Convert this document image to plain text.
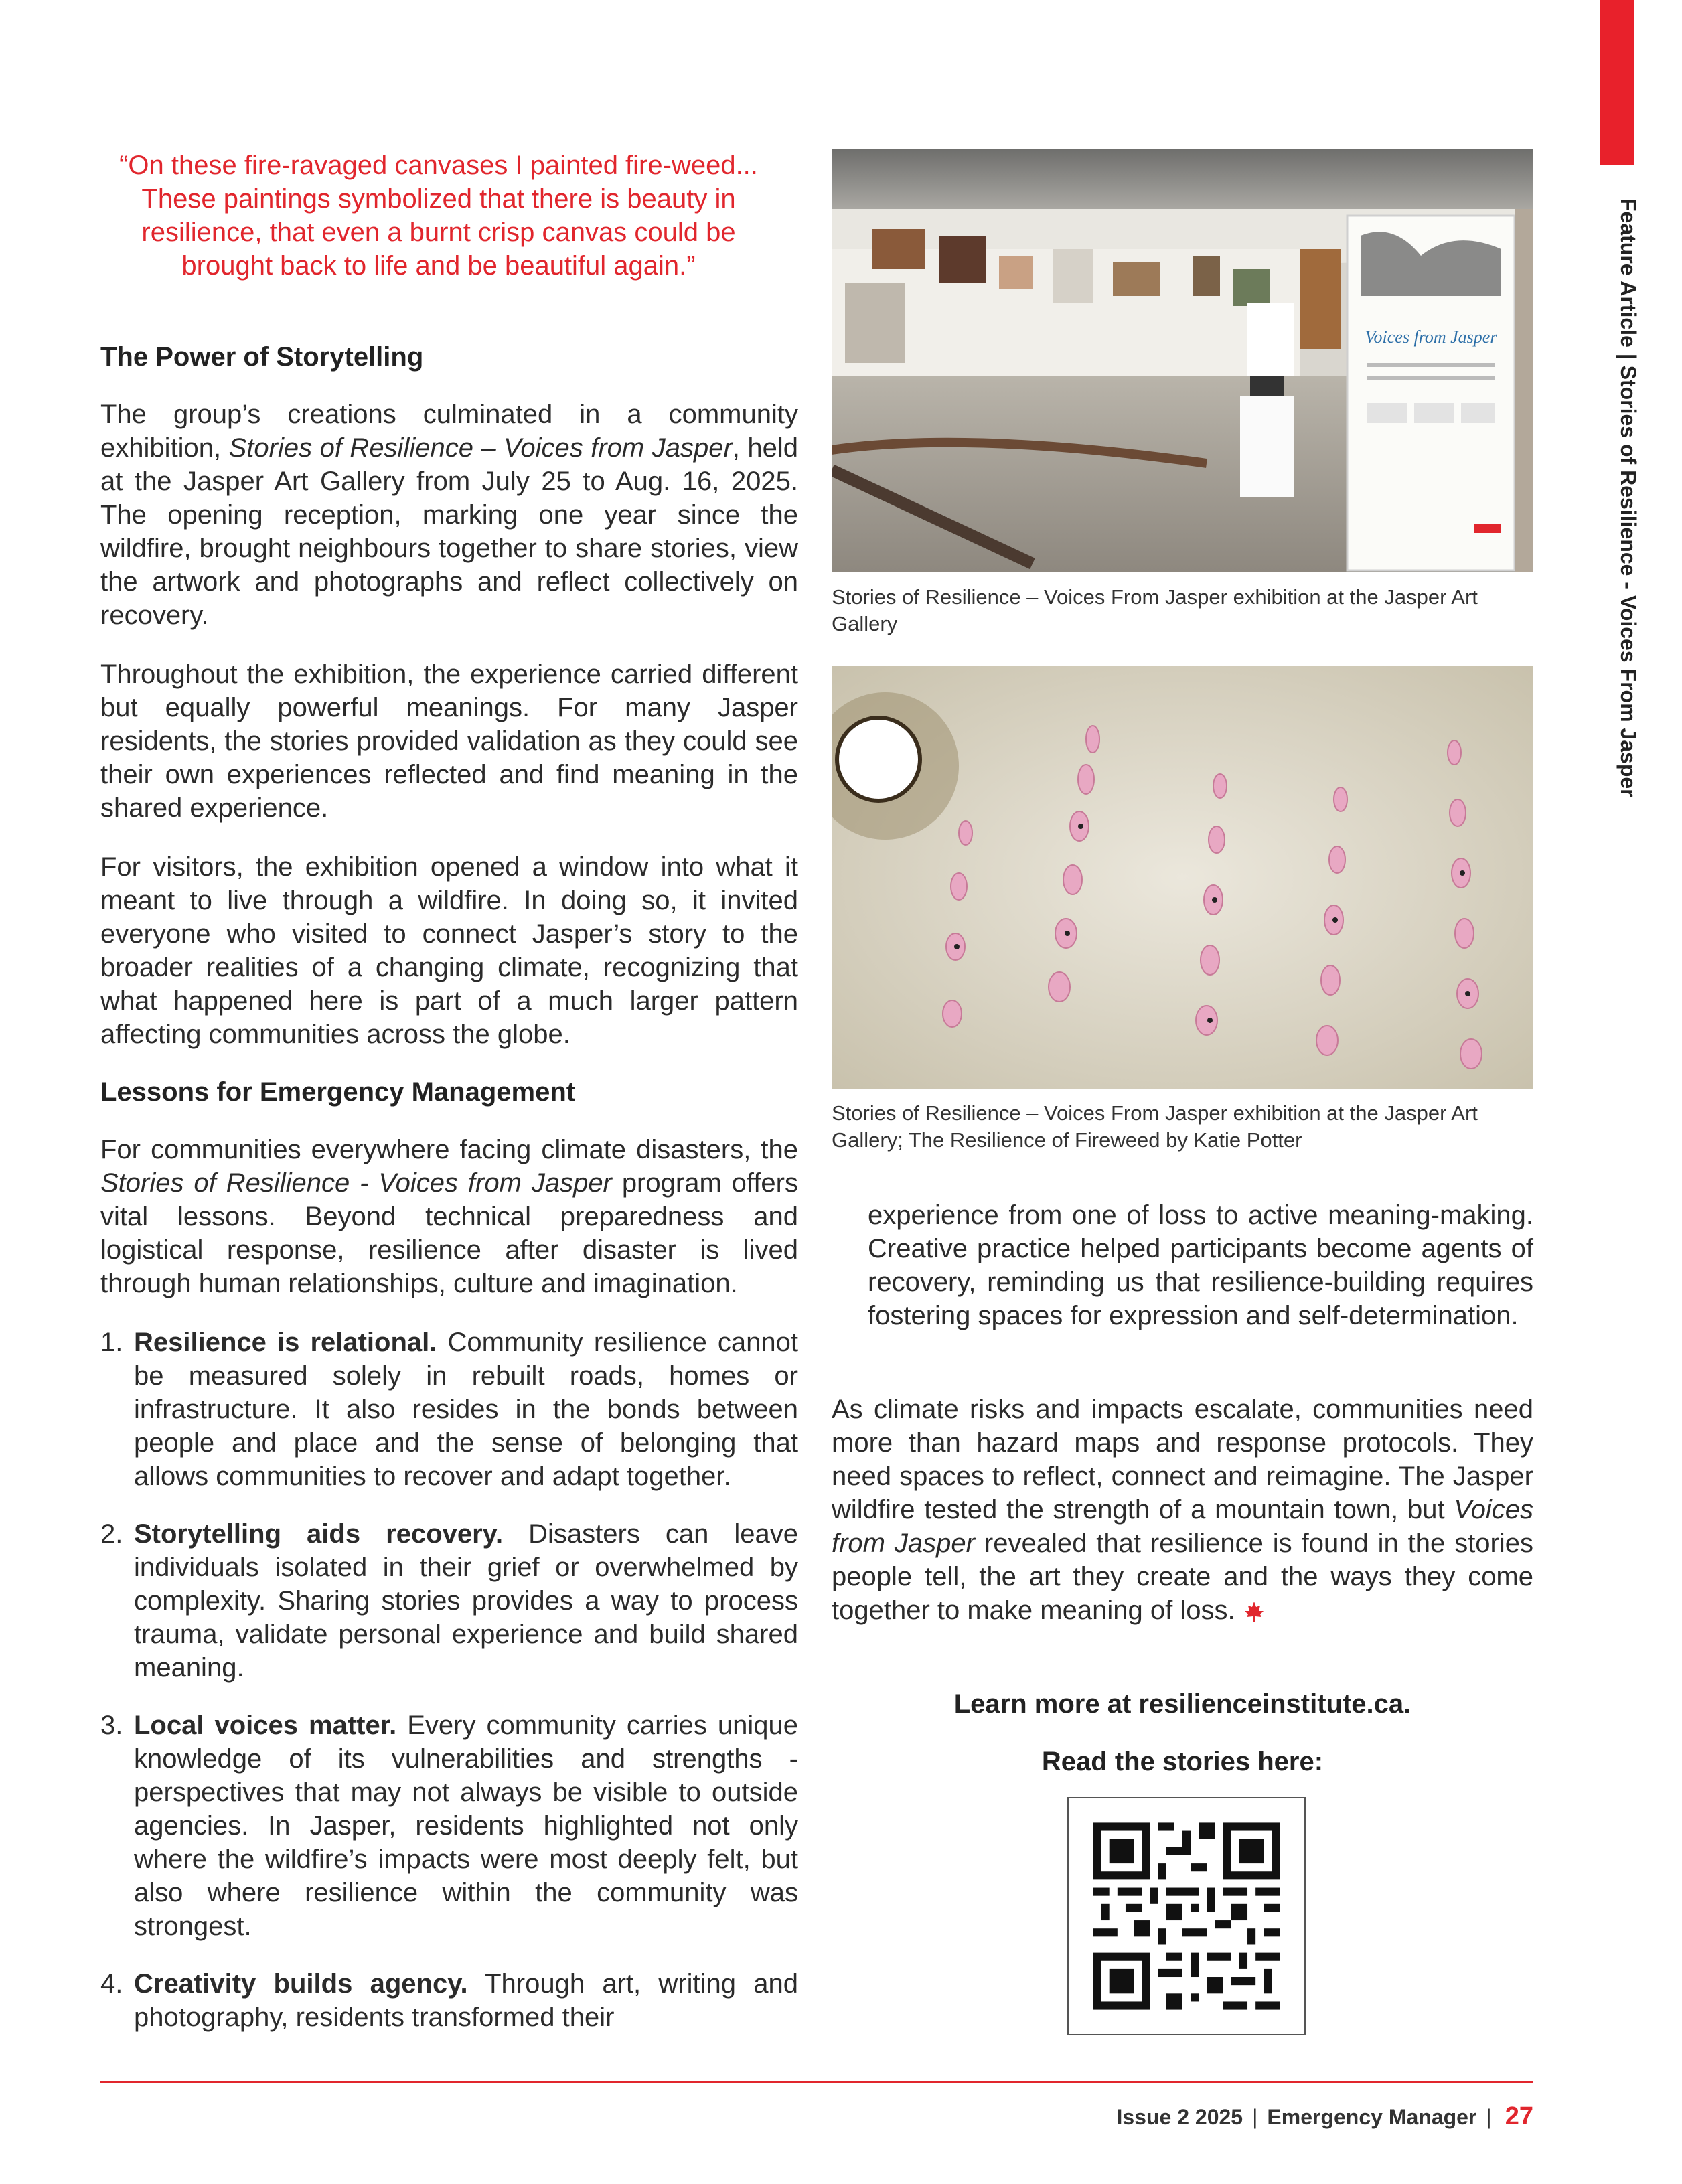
Feature Article | Stories of Resilience - Voices From Jasper
“On these fire-ravaged canvases I painted fire-weed... These paintings symbolized that there is beauty in resilience, that even a burnt crisp canvas could be brought back to life and be beautiful again.”
The Power of Storytelling

The group’s creations culminated in a community exhibition, Stories of Resilience – Voices from Jasper, held at the Jasper Art Gallery from July 25 to Aug. 16, 2025. The opening reception, marking one year since the wildfire, brought neighbours together to share stories, view the artwork and photographs and reflect collectively on recovery.

Throughout the exhibition, the experience carried different but equally powerful meanings. For many Jasper residents, the stories provided validation as they could see their own experiences reflected and find meaning in the shared experience.

For visitors, the exhibition opened a window into what it meant to live through a wildfire. In doing so, it invited everyone who visited to connect Jasper’s story to the broader realities of a changing climate, recognizing that what happened here is part of a much larger pattern affecting communities across the globe.

Lessons for Emergency Management

For communities everywhere facing climate disasters, the Stories of Resilience - Voices from Jasper program offers vital lessons. Beyond technical preparedness and logistical response, resilience after disaster is lived through human relationships, culture and imagination.

1. Resilience is relational. Community resilience cannot be measured solely in rebuilt roads, homes or infrastructure. It also resides in the bonds between people and place and the sense of belonging that allows communities to recover and adapt together.
2. Storytelling aids recovery. Disasters can leave individuals isolated in their grief or overwhelmed by complexity. Sharing stories provides a way to process trauma, validate personal experience and build shared meaning.
3. Local voices matter. Every community carries unique knowledge of its vulnerabilities and strengths - perspectives that may not always be visible to outside agencies. In Jasper, residents highlighted not only where the wildfire’s impacts were most deeply felt, but also where resilience within the community was strongest.
4. Creativity builds agency. Through art, writing and photography, residents transformed their
Voices from Jasper
Stories of Resilience – Voices From Jasper exhibition at the Jasper Art Gallery
Stories of Resilience – Voices From Jasper exhibition at the Jasper Art Gallery; The Resilience of Fireweed by Katie Potter

experience from one of loss to active meaning-making. Creative practice helped participants become agents of recovery, reminding us that resilience-building requires fostering spaces for expression and self-determination.

As climate risks and impacts escalate, communities need more than hazard maps and response protocols. They need spaces to reflect, connect and reimagine. The Jasper wildfire tested the strength of a mountain town, but Voices from Jasper revealed that resilience is found in the stories people tell, the art they create and the ways they come together to make meaning of loss.

Learn more at resilienceinstitute.ca.
Read the stories here:
Issue 2 2025 | Emergency Manager | 27
